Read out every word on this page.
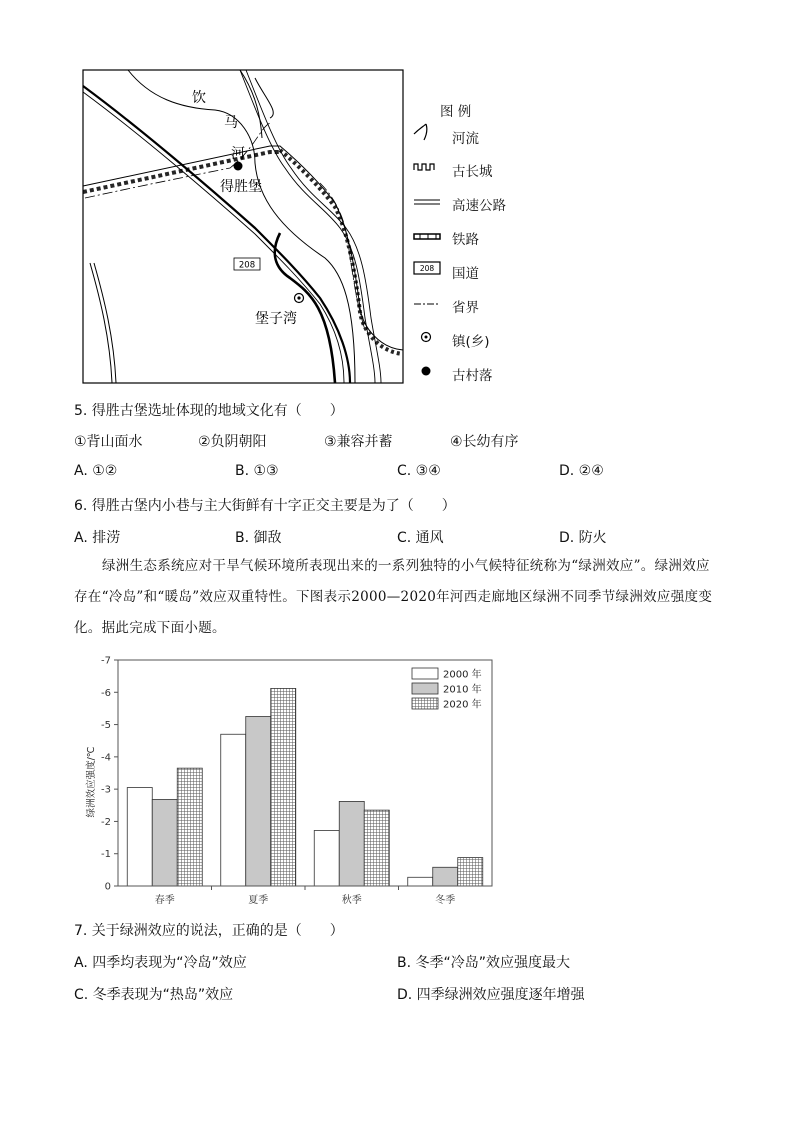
208
饮
马
河
得胜堡
堡子湾
图 例
208
河流
古长城
高速公路
铁路
国道
省界
镇(乡)
古村落
5. 得胜古堡选址体现的地域文化有（　　）
①背山面水	②负阴朝阳	③兼容并蓄	④长幼有序
A. ①②	B. ①③	C. ③④	D. ②④
6. 得胜古堡内小巷与主大街鲜有十字正交主要是为了（　　）
A. 排涝	B. 御敌	C. 通风	D. 防火
绿洲生态系统应对干旱气候环境所表现出来的一系列独特的小气候特征统称为“绿洲效应”。绿洲效应存在“冷岛”和“暖岛”效应双重特性。下图表示2000—2020年河西走廊地区绿洲不同季节绿洲效应强度变化。据此完成下面小题。
绿洲效应强度/℃
-7
-6
-5
-4
-3
-2
-1
0
春季	夏季	秋季	冬季
2000 年
2010 年
2020 年
7. 关于绿洲效应的说法，正确的是（　　）
A. 四季均表现为“冷岛”效应	B. 冬季“冷岛”效应强度最大
C. 冬季表现为“热岛”效应	D. 四季绿洲效应强度逐年增强
